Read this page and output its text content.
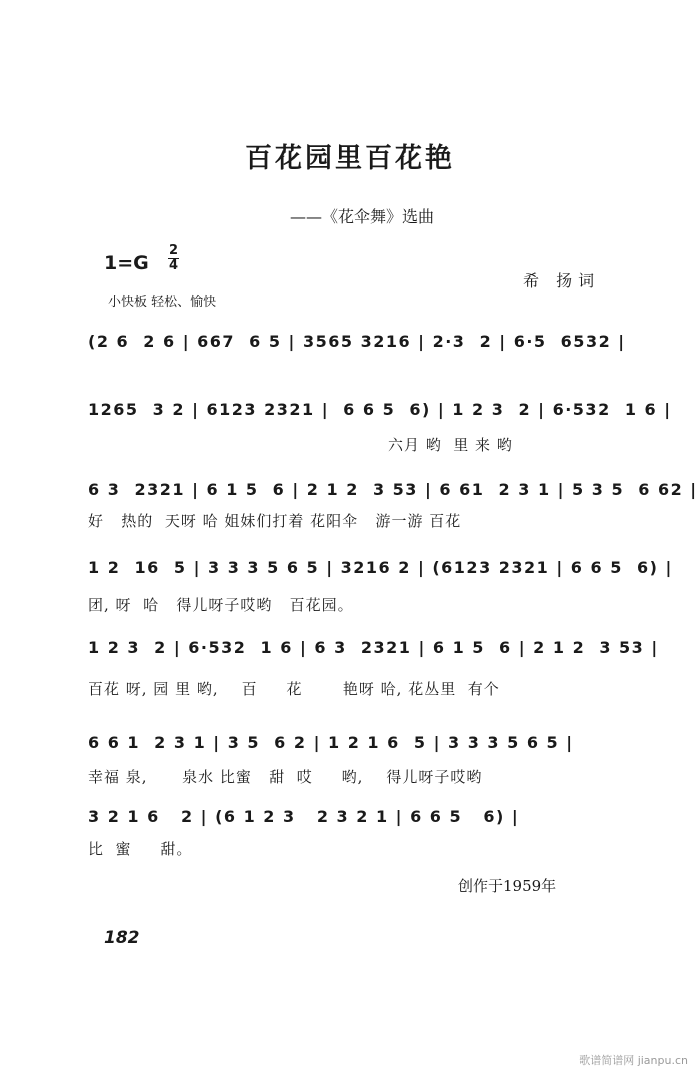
百花园里百花艳
——《花伞舞》选曲
1=G
2
4
希 扬词
小快板 轻松、愉快
(2 6  2 6 | 667  6 5 | 3565 3216 | 2·3  2 | 6·5  6532 |
1265  3 2 | 6123 2321 |  6 6 5  6) | 1 2 3  2 | 6·532  1 6 |
六月 哟  里 来 哟
6 3  2321 | 6 1 5  6 | 2 1 2  3 53 | 6 61  2 3 1 | 5 3 5  6 62 |
好   热的  天呀 哈 姐妹们打着 花阳伞   游一游 百花
1 2  16  5 | 3 3 3 5 6 5 | 3216 2 | (6123 2321 | 6 6 5  6) |
团, 呀  哈   得儿呀子哎哟   百花园。
1 2 3  2 | 6·532  1 6 | 6 3  2321 | 6 1 5  6 | 2 1 2  3 53 |
百花 呀, 园 里 哟,    百     花       艳呀 哈, 花丛里  有个
6 6 1  2 3 1 | 3 5  6 2 | 1 2 1 6  5 | 3 3 3 5 6 5 |
幸福 泉,      泉水 比蜜   甜  哎     哟,    得儿呀子哎哟
3 2 1 6   2 | (6 1 2 3   2 3 2 1 | 6 6 5   6) |
比  蜜     甜。
创作于1959年
182
歌谱简谱网 jianpu.cn
